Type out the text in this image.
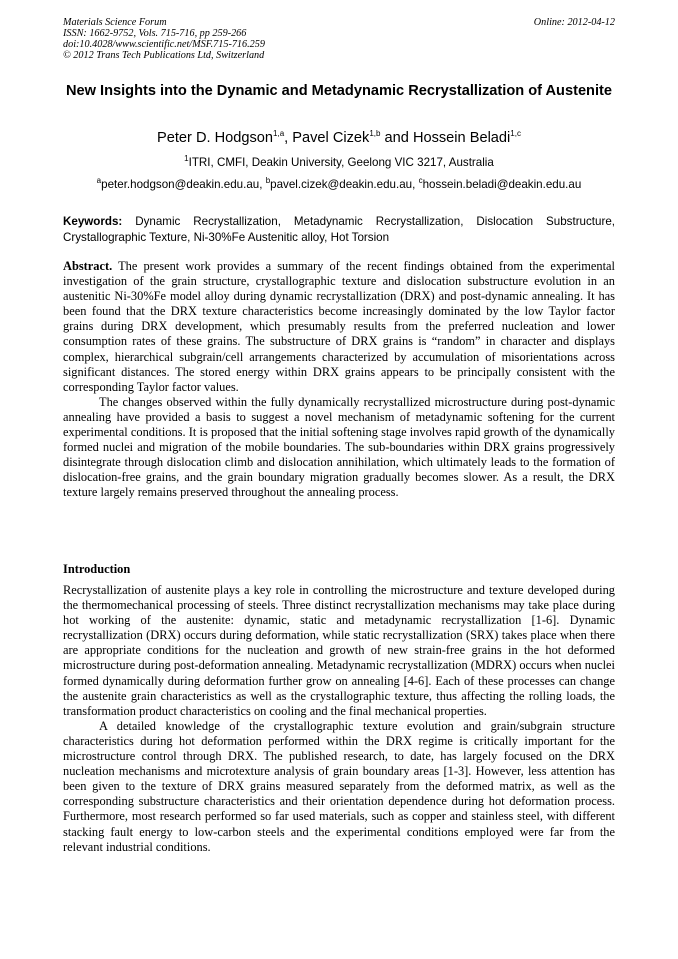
Materials Science Forum
ISSN: 1662-9752, Vols. 715-716, pp 259-266
doi:10.4028/www.scientific.net/MSF.715-716.259
© 2012 Trans Tech Publications Ltd, Switzerland
Online: 2012-04-12
New Insights into the Dynamic and Metadynamic Recrystallization of Austenite
Peter D. Hodgson$^{1,a}$, Pavel Cizek$^{1,b}$ and Hossein Beladi$^{1,c}$
$^1$ITRI, CMFI, Deakin University, Geelong VIC 3217, Australia
$^a$peter.hodgson@deakin.edu.au, $^b$pavel.cizek@deakin.edu.au, $^c$hossein.beladi@deakin.edu.au
Keywords: Dynamic Recrystallization, Metadynamic Recrystallization, Dislocation Substructure, Crystallographic Texture, Ni-30%Fe Austenitic alloy, Hot Torsion

Abstract. The present work provides a summary of the recent findings obtained from the experimental investigation of the grain structure, crystallographic texture and dislocation substructure evolution in an austenitic Ni-30%Fe model alloy during dynamic recrystallization (DRX) and post-dynamic annealing. It has been found that the DRX texture characteristics become increasingly dominated by the low Taylor factor grains during DRX development, which presumably results from the preferred nucleation and lower consumption rates of these grains. The substructure of DRX grains is “random” in character and displays complex, hierarchical subgrain/cell arrangements characterized by accumulation of misorientations across significant distances. The stored energy within DRX grains appears to be principally consistent with the corresponding Taylor factor values.

The changes observed within the fully dynamically recrystallized microstructure during post-dynamic annealing have provided a basis to suggest a novel mechanism of metadynamic softening for the current experimental conditions. It is proposed that the initial softening stage involves rapid growth of the dynamically formed nuclei and migration of the mobile boundaries. The sub-boundaries within DRX grains progressively disintegrate through dislocation climb and dislocation annihilation, which ultimately leads to the formation of dislocation-free grains, and the grain boundary migration gradually becomes slower. As a result, the DRX texture largely remains preserved throughout the annealing process.

Introduction

Recrystallization of austenite plays a key role in controlling the microstructure and texture developed during the thermomechanical processing of steels. Three distinct recrystallization mechanisms may take place during hot working of the austenite: dynamic, static and metadynamic recrystallization [1-6]. Dynamic recrystallization (DRX) occurs during deformation, while static recrystallization (SRX) takes place when there are appropriate conditions for the nucleation and growth of new strain-free grains in the hot deformed microstructure during post-deformation annealing. Metadynamic recrystallization (MDRX) occurs when nuclei formed dynamically during deformation further grow on annealing [4-6]. Each of these processes can change the austenite grain characteristics as well as the crystallographic texture, thus affecting the rolling loads, the transformation product characteristics on cooling and the final mechanical properties.

A detailed knowledge of the crystallographic texture evolution and grain/subgrain structure characteristics during hot deformation performed within the DRX regime is critically important for the microstructure control through DRX. The published research, to date, has largely focused on the DRX nucleation mechanisms and microtexture analysis of grain boundary areas [1-3]. However, less attention has been given to the texture of DRX grains measured separately from the deformed matrix, as well as the corresponding substructure characteristics and their orientation dependence during hot deformation process. Furthermore, most research performed so far used materials, such as copper and stainless steel, with different stacking fault energy to low-carbon steels and the experimental conditions employed were far from the relevant industrial conditions.
